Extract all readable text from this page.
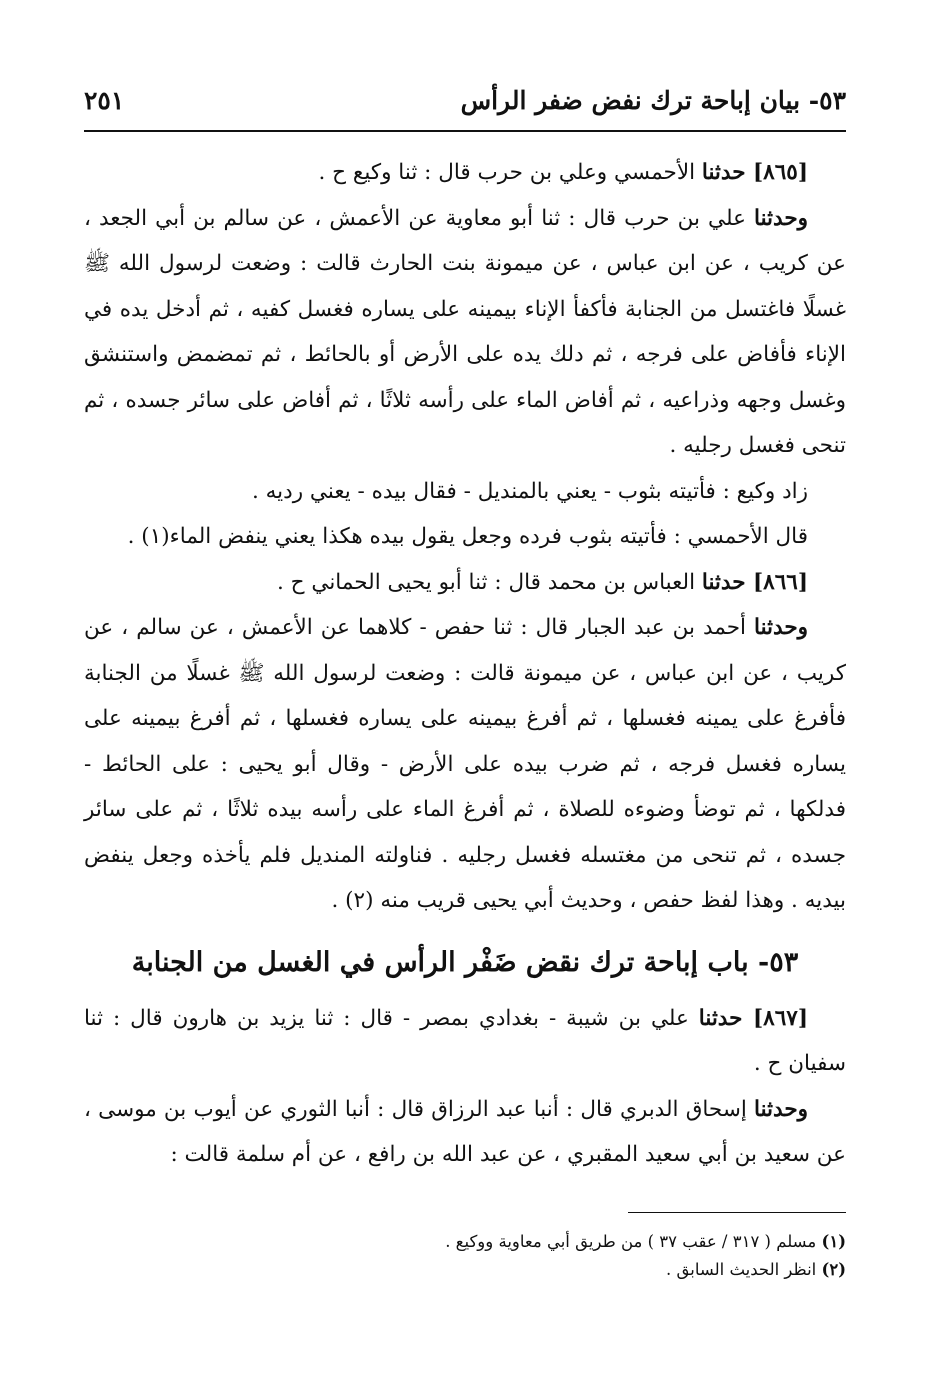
٥٣- بيان إباحة ترك نفض ضفر الرأس
٢٥١

[٨٦٥] حدثنا الأحمسي وعلي بن حرب قال : ثنا وكيع ح .

وحدثنا علي بن حرب قال : ثنا أبو معاوية عن الأعمش ، عن سالم بن أبي الجعد ، عن كريب ، عن ابن عباس ، عن ميمونة بنت الحارث قالت : وضعت لرسول الله ﷺ غسلًا فاغتسل من الجنابة فأكفأ الإناء بيمينه على يساره فغسل كفيه ، ثم أدخل يده في الإناء فأفاض على فرجه ، ثم دلك يده على الأرض أو بالحائط ، ثم تمضمض واستنشق وغسل وجهه وذراعيه ، ثم أفاض الماء على رأسه ثلاثًا ، ثم أفاض على سائر جسده ، ثم تنحى فغسل رجليه .

زاد وكيع : فأتيته بثوب - يعني بالمنديل - فقال بيده - يعني رديه .

قال الأحمسي : فأتيته بثوب فرده وجعل يقول بيده هكذا يعني ينفض الماء(١) .

[٨٦٦] حدثنا العباس بن محمد قال : ثنا أبو يحيى الحماني ح .

وحدثنا أحمد بن عبد الجبار قال : ثنا حفص - كلاهما عن الأعمش ، عن سالم ، عن كريب ، عن ابن عباس ، عن ميمونة قالت : وضعت لرسول الله ﷺ غسلًا من الجنابة فأفرغ على يمينه فغسلها ، ثم أفرغ بيمينه على يساره فغسلها ، ثم أفرغ بيمينه على يساره فغسل فرجه ، ثم ضرب بيده على الأرض - وقال أبو يحيى : على الحائط - فدلكها ، ثم توضأ وضوءه للصلاة ، ثم أفرغ الماء على رأسه بيده ثلاثًا ، ثم على سائر جسده ، ثم تنحى من مغتسله فغسل رجليه . فناولته المنديل فلم يأخذه وجعل ينفض بيديه . وهذا لفظ حفص ، وحديث أبي يحيى قريب منه (٢) .

٥٣- باب إباحة ترك نقض ضَفْر الرأس في الغسل من الجنابة

[٨٦٧] حدثنا علي بن شيبة - بغدادي بمصر - قال : ثنا يزيد بن هارون قال : ثنا سفيان ح .

وحدثنا إسحاق الدبري قال : أنبا عبد الرزاق قال : أنبا الثوري عن أيوب بن موسى ، عن سعيد بن أبي سعيد المقبري ، عن عبد الله بن رافع ، عن أم سلمة قالت :

(١) مسلم ( ٣١٧ / عقب ٣٧ ) من طريق أبي معاوية ووكيع .
(٢) انظر الحديث السابق .
